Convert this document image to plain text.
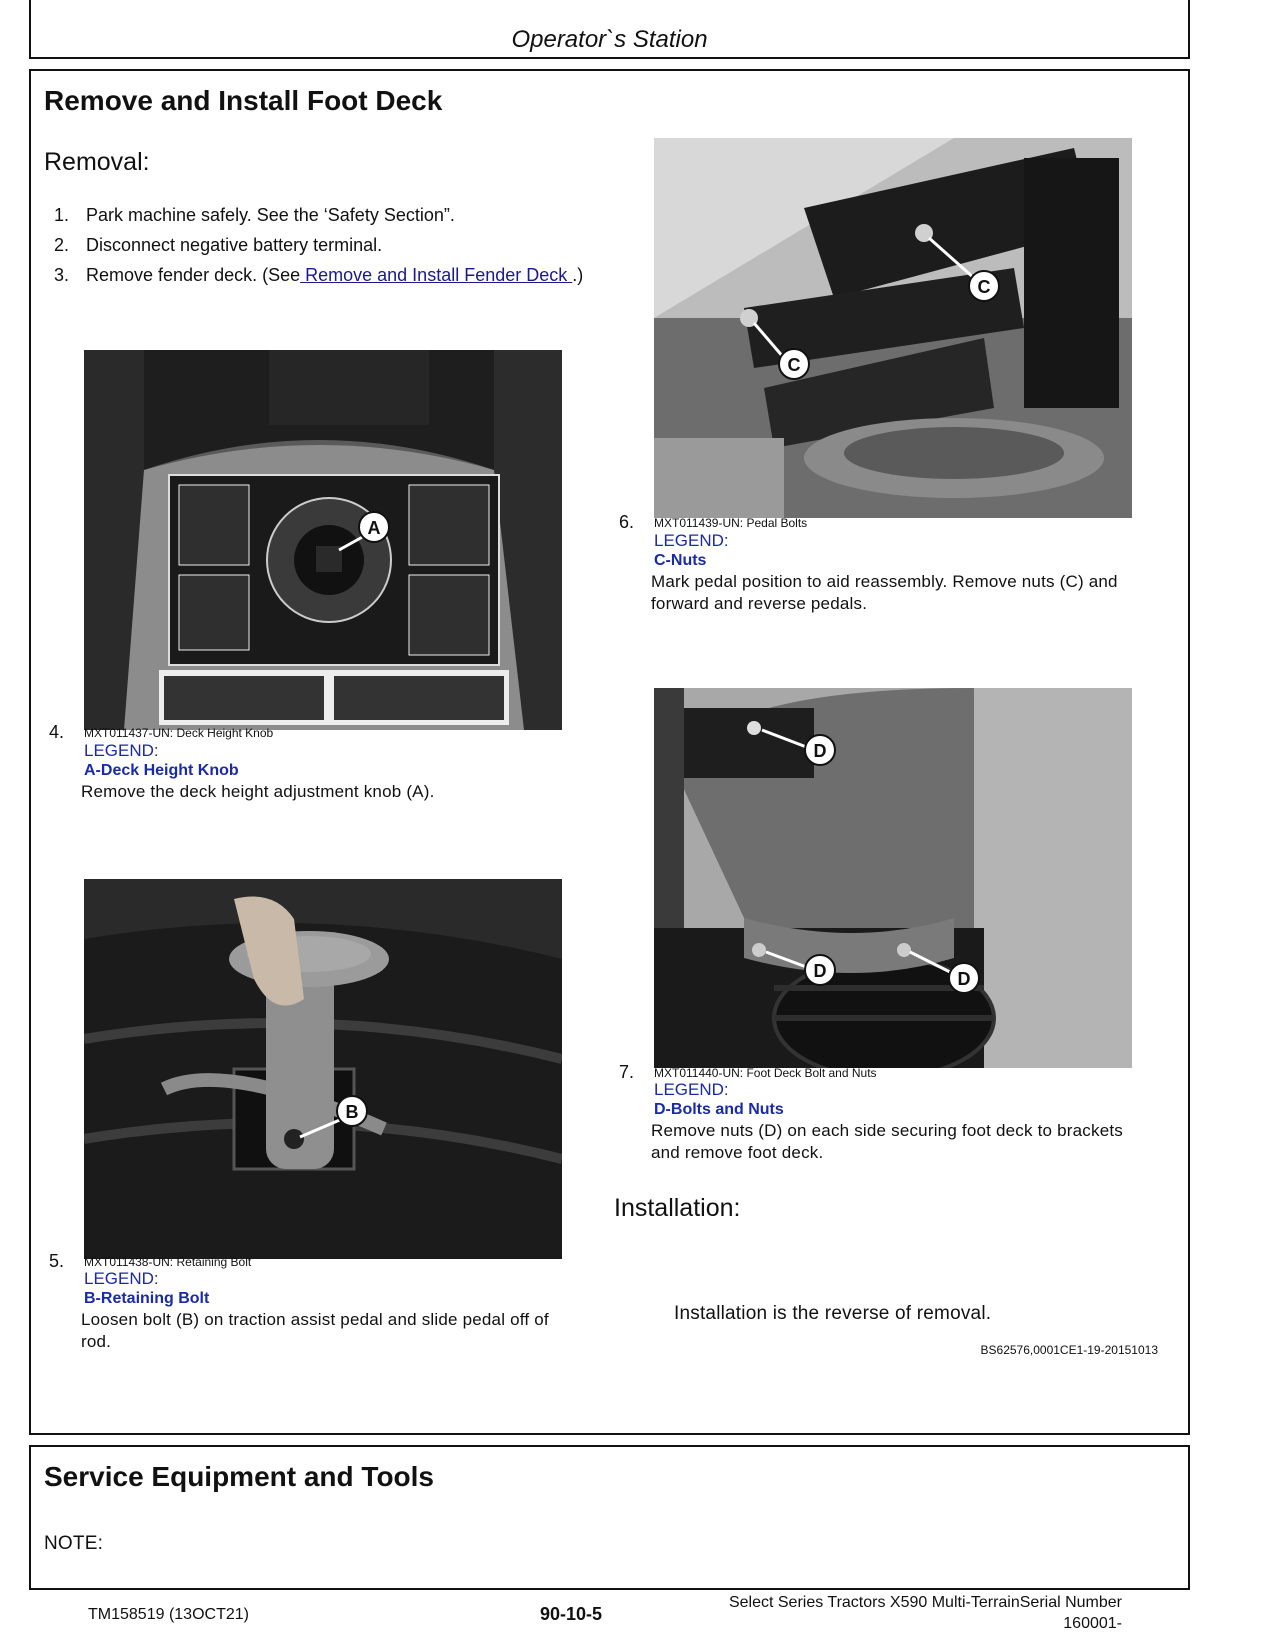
Operator`s Station
Remove and Install Foot Deck
Removal:
1. Park machine safely. See the ‘Safety Section”.
2. Disconnect negative battery terminal.
3. Remove fender deck. (See Remove and Install Fender Deck .)
A
4. MXT011437-UN: Deck Height Knob
LEGEND:
A-Deck Height Knob
Remove the deck height adjustment knob (A).
B
5. MXT011438-UN: Retaining Bolt
LEGEND:
B-Retaining Bolt
Loosen bolt (B) on traction assist pedal and slide pedal off of rod.
C
C
6. MXT011439-UN: Pedal Bolts
LEGEND:
C-Nuts
Mark pedal position to aid reassembly. Remove nuts (C) and forward and reverse pedals.
D
D	D
7. MXT011440-UN: Foot Deck Bolt and Nuts
LEGEND:
D-Bolts and Nuts
Remove nuts (D) on each side securing foot deck to brackets and remove foot deck.
Installation:
Installation is the reverse of removal.
BS62576,0001CE1-19-20151013
Service Equipment and Tools
NOTE:
TM158519 (13OCT21)	90-10-5
Select Series Tractors X590 Multi-TerrainSerial Number
160001-
